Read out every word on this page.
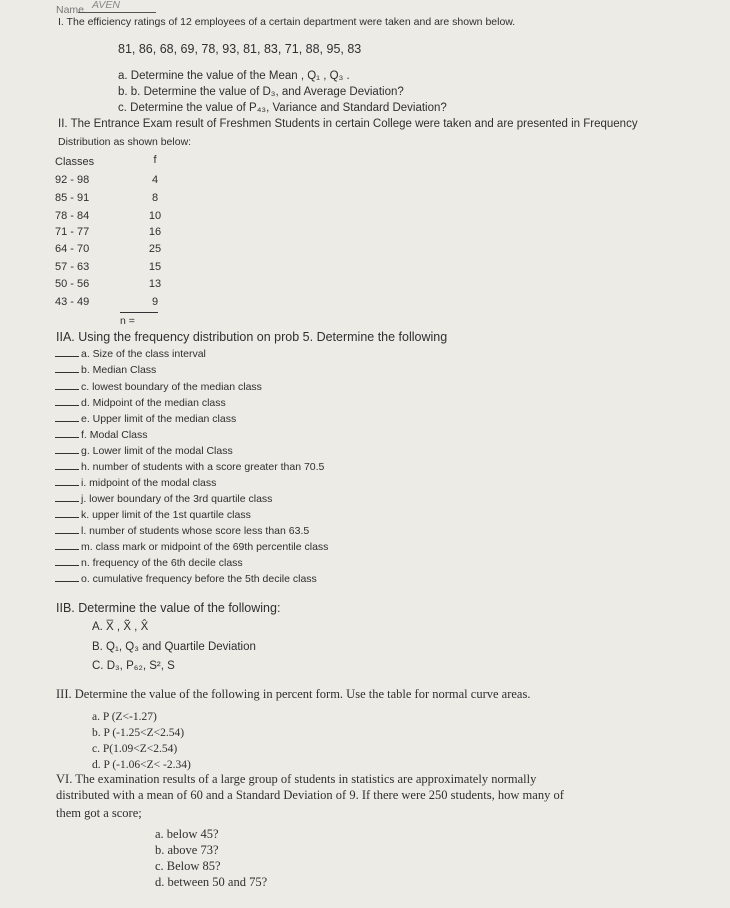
Name AVEN
I. The efficiency ratings of 12 employees of a certain department were taken and are shown below.
81, 86, 68, 69, 78, 93, 81, 83, 71, 88, 95, 83
a. Determine the value of the Mean , Q₁ , Q₃ .
b. b. Determine the value of D₃, and Average Deviation?
c. Determine the value of P₄₃, Variance and Standard Deviation?
II. The Entrance Exam result of Freshmen Students in certain College were taken and are presented in Frequency
Distribution as shown below:
Classes	f
92 - 98	4
85 - 91	8
78 - 84	10
71 - 77	16
64 - 70	25
57 - 63	15
50 - 56	13
43 - 49	9
n =
IIA. Using the frequency distribution on prob 5. Determine the following
a. Size of the class interval
b. Median Class
c. lowest boundary of the median class
d. Midpoint of the median class
e. Upper limit of the median class
f. Modal Class
g. Lower limit of the modal Class
h. number of students with a score greater than 70.5
i. midpoint of the modal class
j. lower boundary of the 3rd quartile class
k. upper limit of the 1st quartile class
l. number of students whose score less than 63.5
m. class mark or midpoint of the 69th percentile class
n. frequency of the 6th decile class
o. cumulative frequency before the 5th decile class
IIB. Determine the value of the following:
A. X̅ , X̃ , X̂
B. Q₁, Q₃ and Quartile Deviation
C. D₃, P₆₂, S², S
III. Determine the value of the following in percent form. Use the table for normal curve areas.
a. P (Z<-1.27)
b. P (-1.25<Z<2.54)
c. P(1.09<Z<2.54)
d. P (-1.06<Z< -2.34)
VI. The examination results of a large group of students in statistics are approximately normally
distributed with a mean of 60 and a Standard Deviation of 9. If there were 250 students, how many of
them got a score;
a. below 45?
b. above 73?
c. Below 85?
d. between 50 and 75?
